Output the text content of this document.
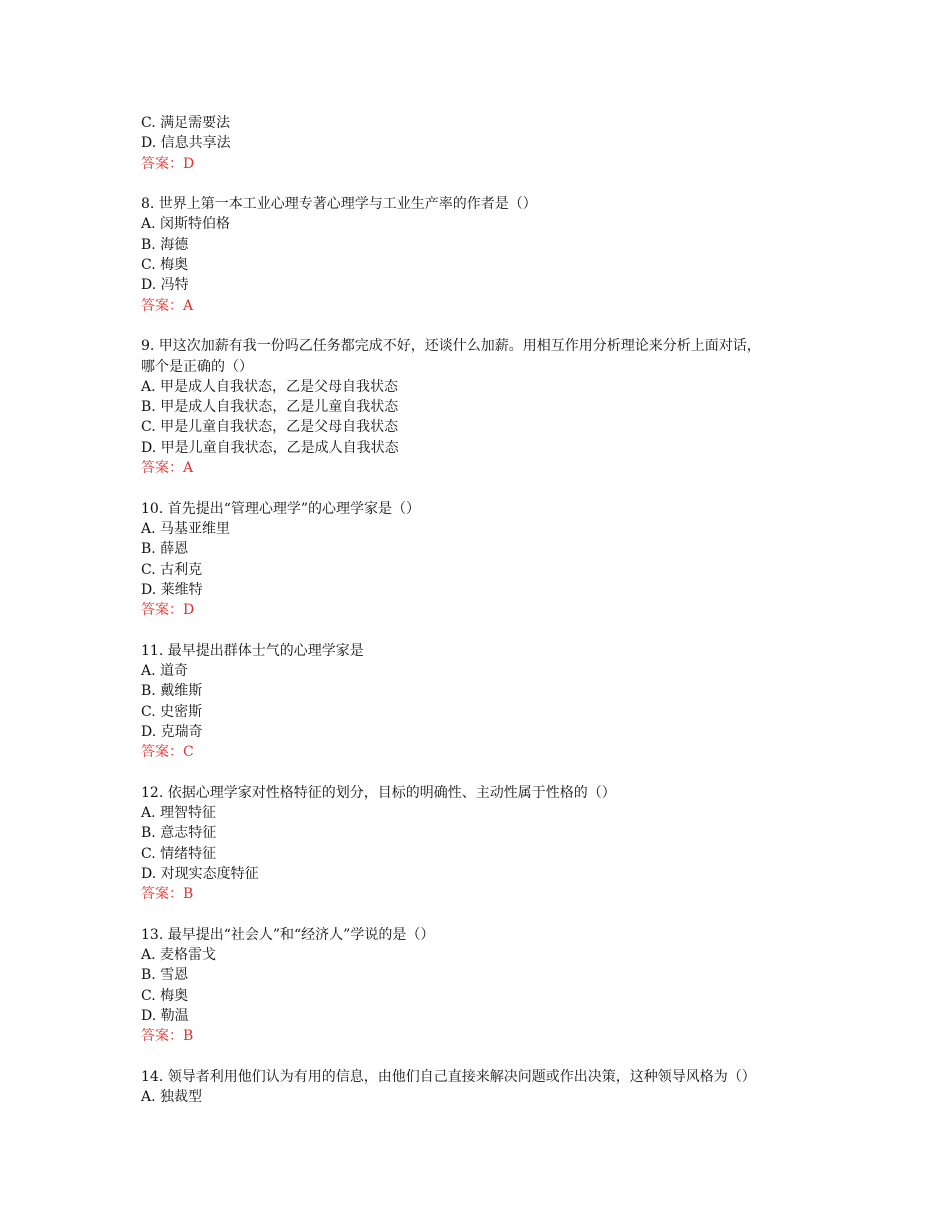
C. 满足需要法
D. 信息共享法
答案：D
8. 世界上第一本工业心理专著心理学与工业生产率的作者是（）
A. 闵斯特伯格
B. 海德
C. 梅奥
D. 冯特
答案：A
9. 甲这次加薪有我一份吗乙任务都完成不好，还谈什么加薪。用相互作用分析理论来分析上面对话，
哪个是正确的（）
A. 甲是成人自我状态，乙是父母自我状态
B. 甲是成人自我状态，乙是儿童自我状态
C. 甲是儿童自我状态，乙是父母自我状态
D. 甲是儿童自我状态，乙是成人自我状态
答案：A
10. 首先提出“管理心理学”的心理学家是（）
A. 马基亚维里
B. 薛恩
C. 古利克
D. 莱维特
答案：D
11. 最早提出群体士气的心理学家是
A. 道奇
B. 戴维斯
C. 史密斯
D. 克瑞奇
答案：C
12. 依据心理学家对性格特征的划分，目标的明确性、主动性属于性格的（）
A. 理智特征
B. 意志特征
C. 情绪特征
D. 对现实态度特征
答案：B
13. 最早提出“社会人”和“经济人”学说的是（）
A. 麦格雷戈
B. 雪恩
C. 梅奥
D. 勒温
答案：B
14. 领导者利用他们认为有用的信息，由他们自己直接来解决问题或作出决策，这种领导风格为（）
A. 独裁型
